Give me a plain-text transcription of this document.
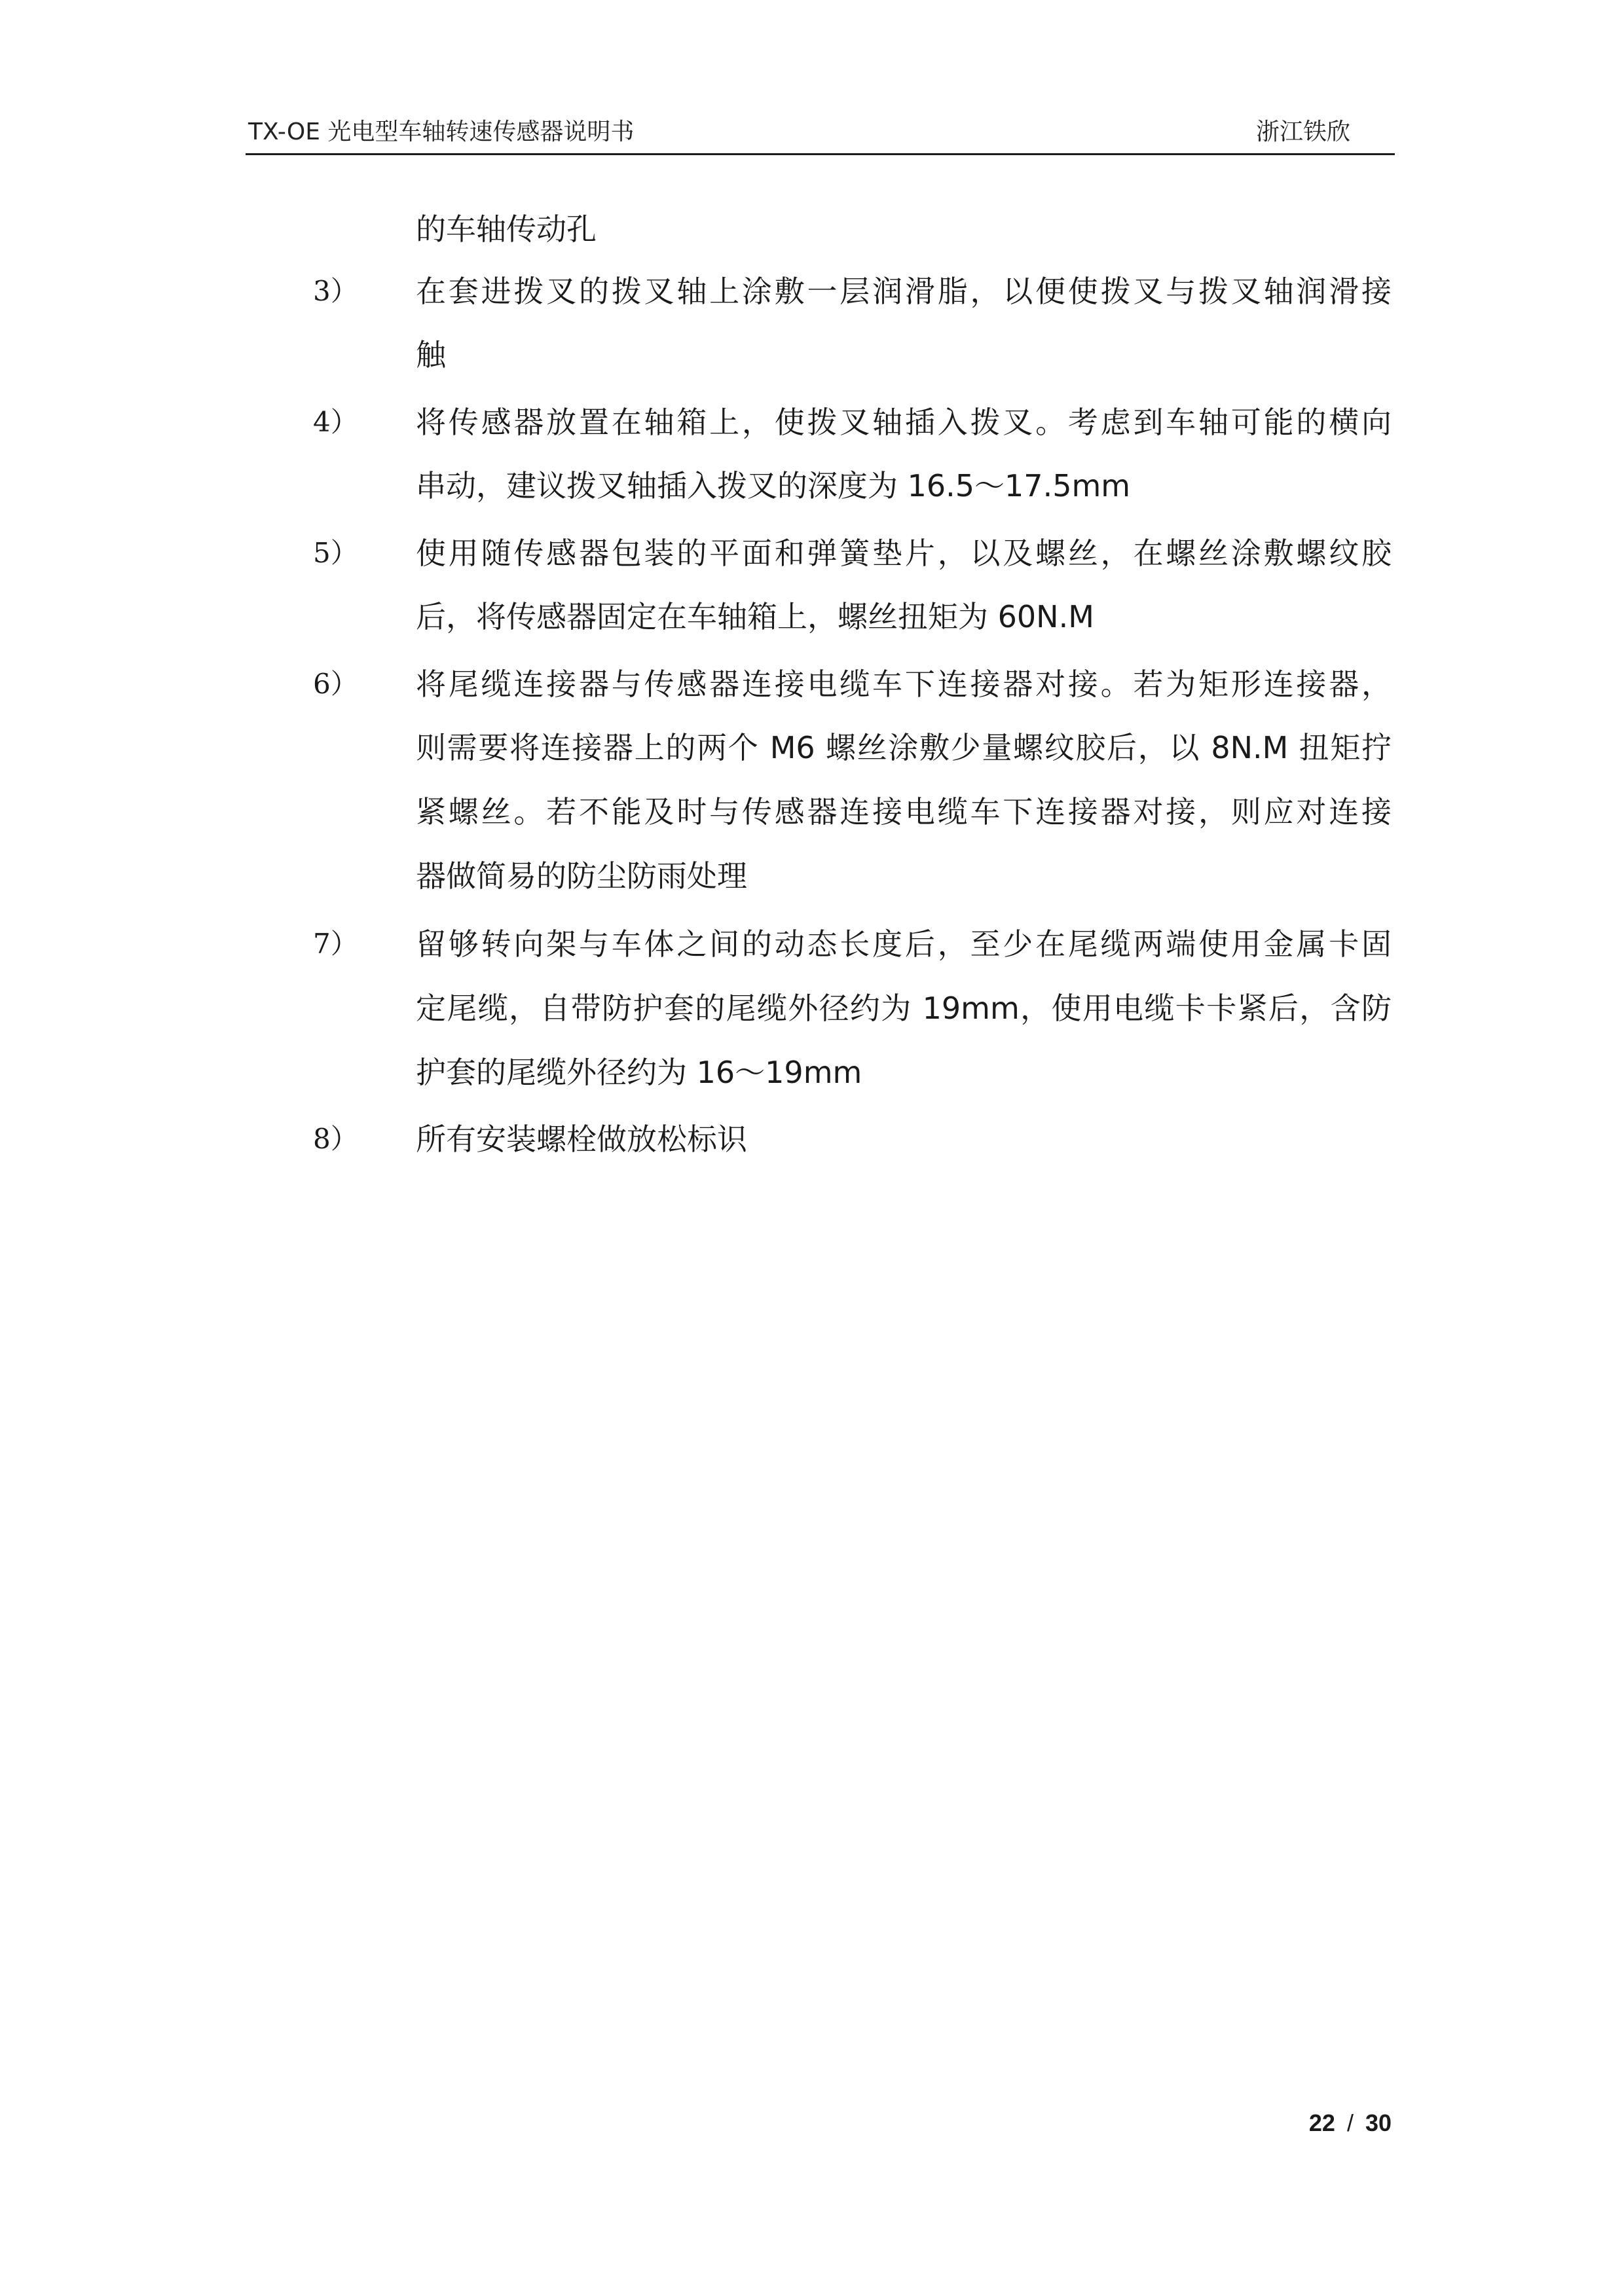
TX-OE 光电型车轴转速传感器说明书	浙江铁欣
的车轴传动孔
3）	在套进拨叉的拨叉轴上涂敷一层润滑脂，以便使拨叉与拨叉轴润滑接
触
4）	将传感器放置在轴箱上，使拨叉轴插入拨叉。考虑到车轴可能的横向
串动，建议拨叉轴插入拨叉的深度为 16.5～17.5mm
5）	使用随传感器包装的平面和弹簧垫片，以及螺丝，在螺丝涂敷螺纹胶
后，将传感器固定在车轴箱上，螺丝扭矩为 60N.M
6）	将尾缆连接器与传感器连接电缆车下连接器对接。若为矩形连接器，
则需要将连接器上的两个 M6 螺丝涂敷少量螺纹胶后，以 8N.M 扭矩拧
紧螺丝。若不能及时与传感器连接电缆车下连接器对接，则应对连接
器做简易的防尘防雨处理
7）	留够转向架与车体之间的动态长度后，至少在尾缆两端使用金属卡固
定尾缆，自带防护套的尾缆外径约为 19mm，使用电缆卡卡紧后，含防
护套的尾缆外径约为 16～19mm
8）	所有安装螺栓做放松标识
22 / 30
